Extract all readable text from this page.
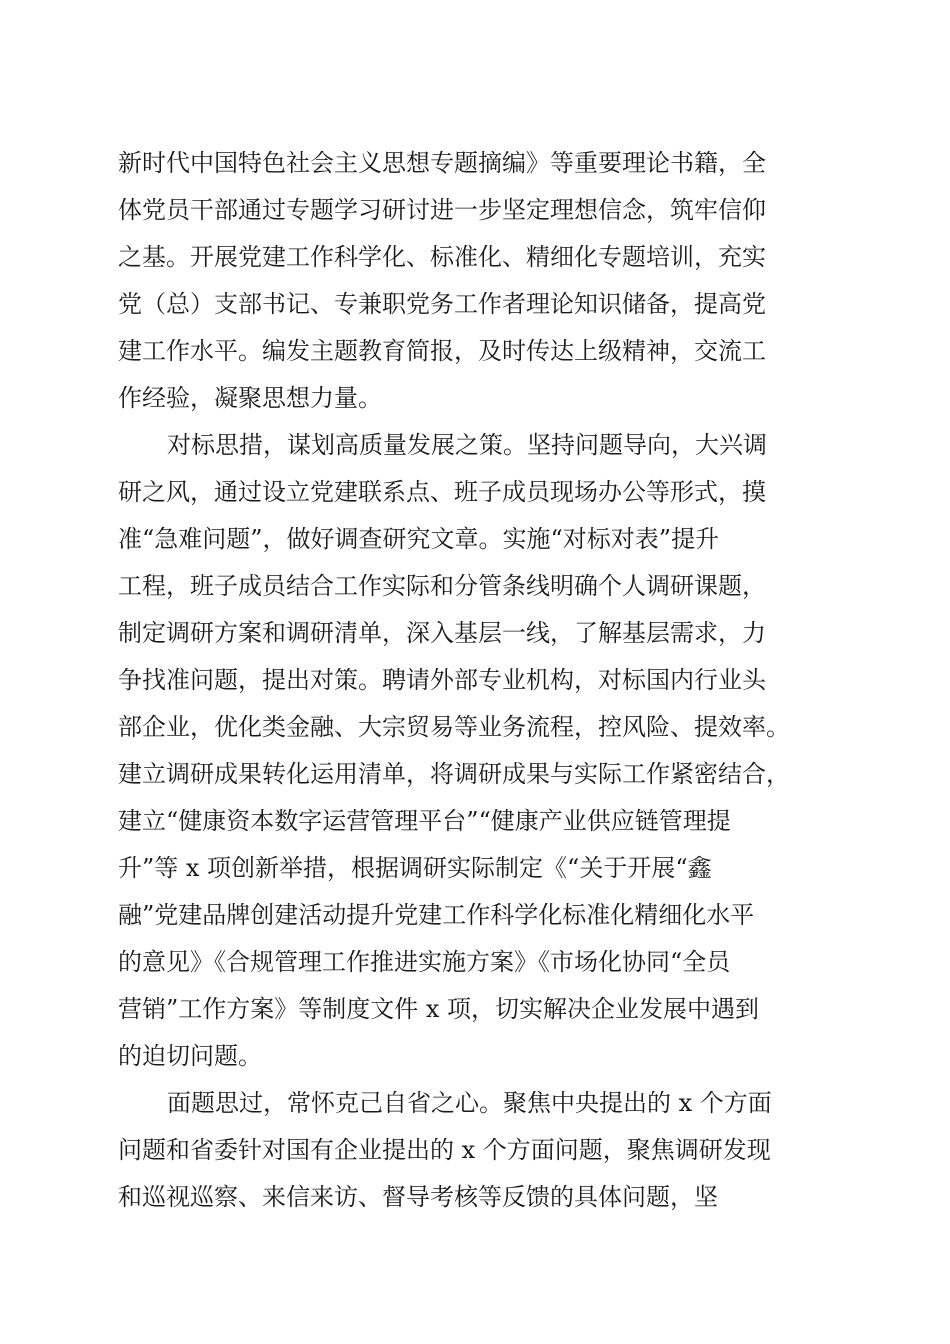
新时代中国特色社会主义思想专题摘编》等重要理论书籍，全
体党员干部通过专题学习研讨进一步坚定理想信念，筑牢信仰
之基。开展党建工作科学化、标准化、精细化专题培训，充实
党（总）支部书记、专兼职党务工作者理论知识储备，提高党
建工作水平。编发主题教育简报，及时传达上级精神，交流工
作经验，凝聚思想力量。
对标思措，谋划高质量发展之策。坚持问题导向，大兴调
研之风，通过设立党建联系点、班子成员现场办公等形式，摸
准“急难问题”，做好调查研究文章。实施“对标对表”提升
工程，班子成员结合工作实际和分管条线明确个人调研课题，
制定调研方案和调研清单，深入基层一线，了解基层需求，力
争找准问题，提出对策。聘请外部专业机构，对标国内行业头
部企业，优化类金融、大宗贸易等业务流程，控风险、提效率。
建立调研成果转化运用清单，将调研成果与实际工作紧密结合，
建立“健康资本数字运营管理平台”“健康产业供应链管理提
升”等 x 项创新举措，根据调研实际制定《“关于开展“鑫
融”党建品牌创建活动提升党建工作科学化标准化精细化水平
的意见》《合规管理工作推进实施方案》《市场化协同“全员
营销”工作方案》等制度文件 x 项，切实解决企业发展中遇到
的迫切问题。
面题思过，常怀克己自省之心。聚焦中央提出的 x 个方面
问题和省委针对国有企业提出的 x 个方面问题，聚焦调研发现
和巡视巡察、来信来访、督导考核等反馈的具体问题，坚
